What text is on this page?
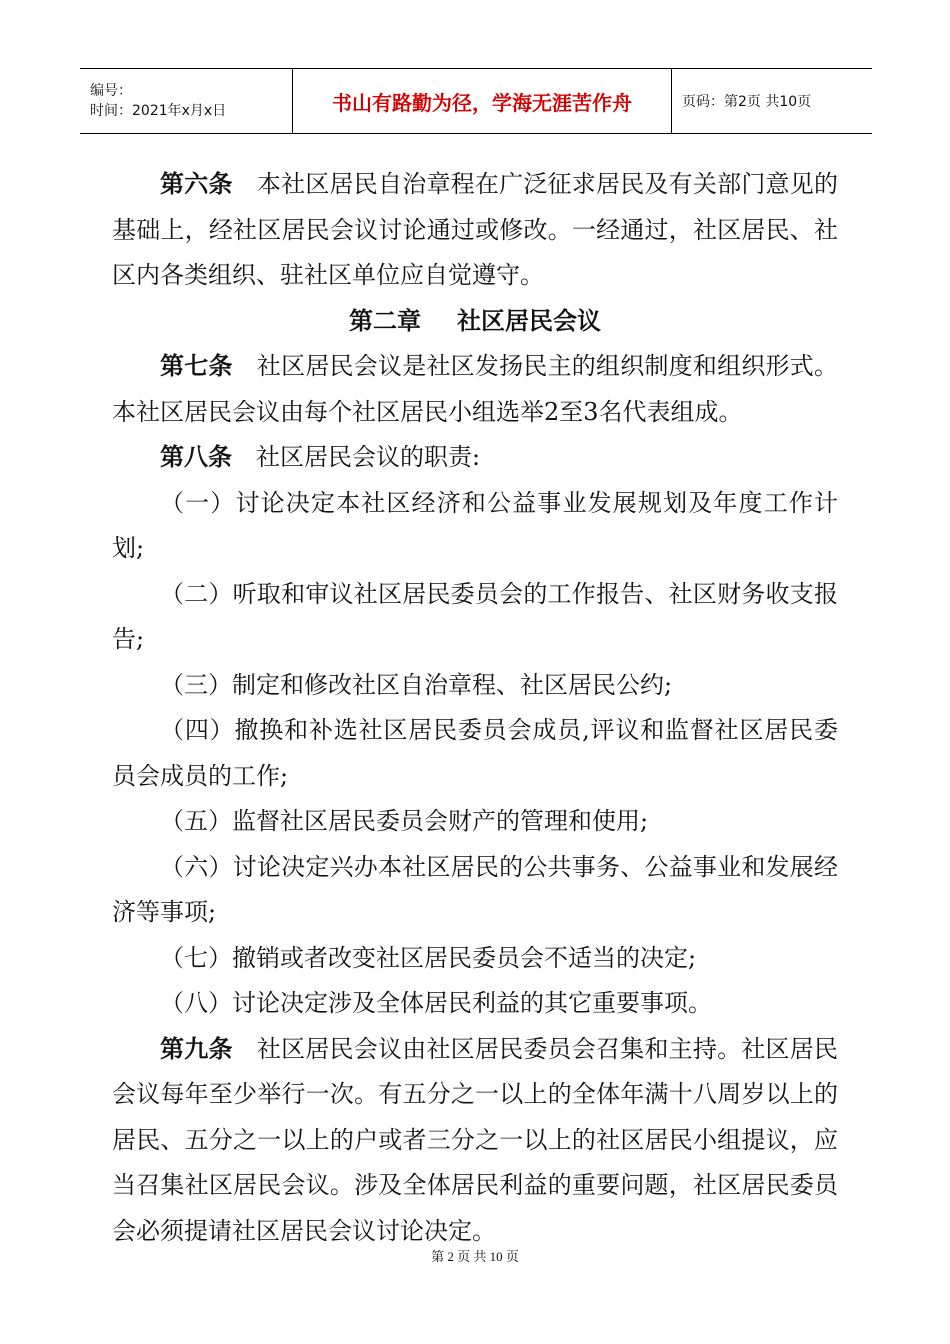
编号：
时间：2021年x月x日	书山有路勤为径，学海无涯苦作舟	页码：第2页 共10页

第六条  本社区居民自治章程在广泛征求居民及有关部门意见的基础上，经社区居民会议讨论通过或修改。一经通过，社区居民、社区内各类组织、驻社区单位应自觉遵守。

第二章 社区居民会议

第七条  社区居民会议是社区发扬民主的组织制度和组织形式。本社区居民会议由每个社区居民小组选举2至3名代表组成。

第八条  社区居民会议的职责:

（一）讨论决定本社区经济和公益事业发展规划及年度工作计划;

（二）听取和审议社区居民委员会的工作报告、社区财务收支报告;

（三）制定和修改社区自治章程、社区居民公约;

（四）撤换和补选社区居民委员会成员,评议和监督社区居民委员会成员的工作;

（五）监督社区居民委员会财产的管理和使用;

（六）讨论决定兴办本社区居民的公共事务、公益事业和发展经济等事项;

（七）撤销或者改变社区居民委员会不适当的决定;

（八）讨论决定涉及全体居民利益的其它重要事项。

第九条  社区居民会议由社区居民委员会召集和主持。社区居民会议每年至少举行一次。有五分之一以上的全体年满十八周岁以上的居民、五分之一以上的户或者三分之一以上的社区居民小组提议，应当召集社区居民会议。涉及全体居民利益的重要问题，社区居民委员会必须提请社区居民会议讨论决定。

第 2 页 共 10 页
